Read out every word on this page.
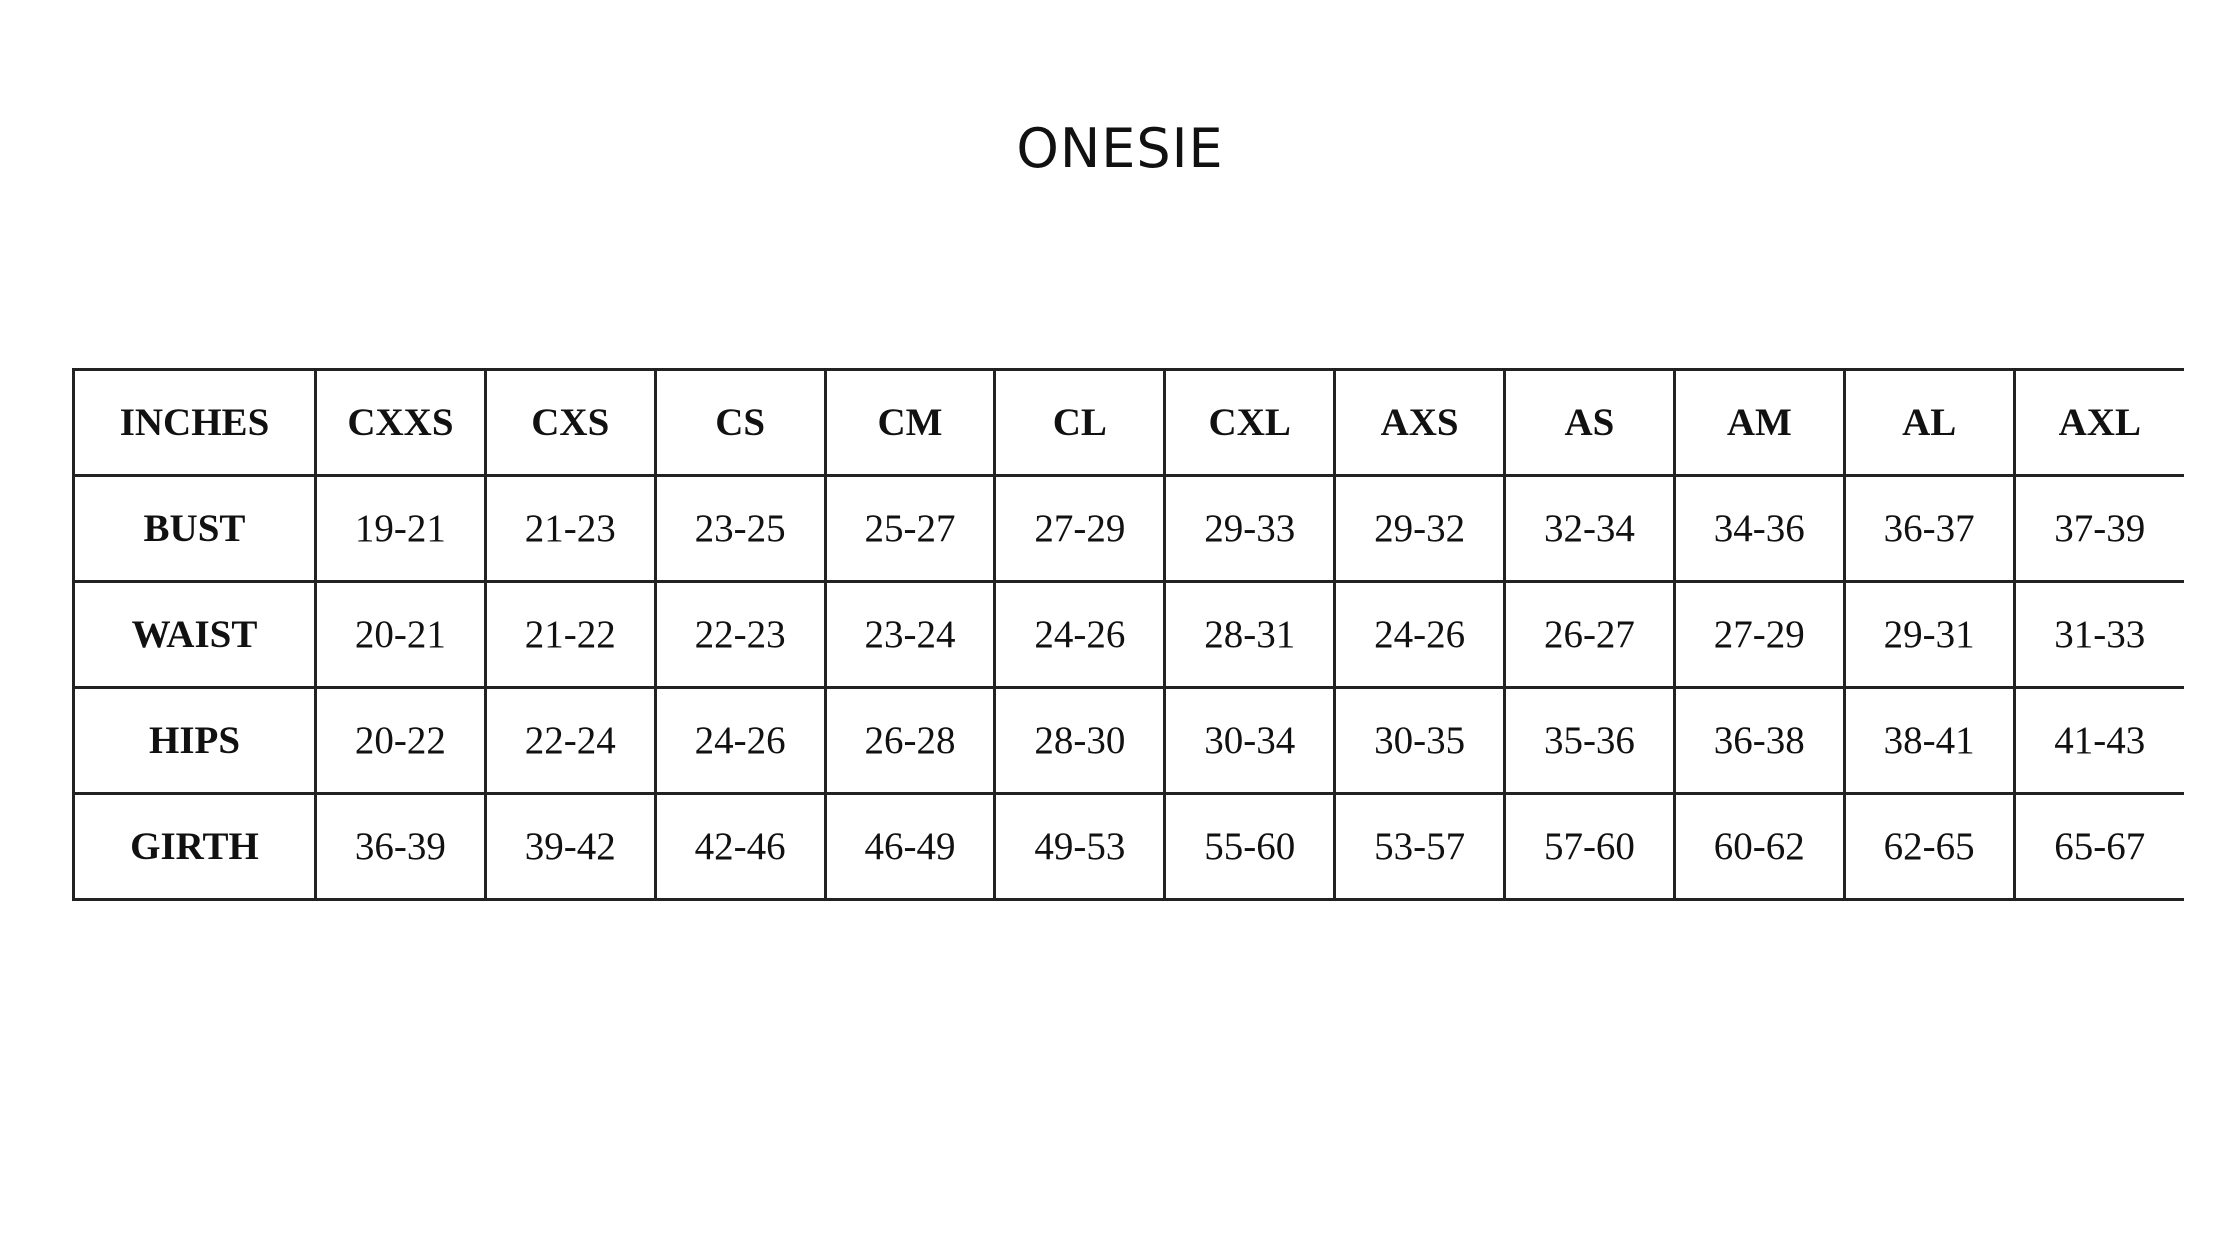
ONESIE
INCHES	CXXS	CXS	CS	CM	CL	CXL	AXS	AS	AM	AL	AXL
BUST	19-21	21-23	23-25	25-27	27-29	29-33	29-32	32-34	34-36	36-37	37-39
WAIST	20-21	21-22	22-23	23-24	24-26	28-31	24-26	26-27	27-29	29-31	31-33
HIPS	20-22	22-24	24-26	26-28	28-30	30-34	30-35	35-36	36-38	38-41	41-43
GIRTH	36-39	39-42	42-46	46-49	49-53	55-60	53-57	57-60	60-62	62-65	65-67
